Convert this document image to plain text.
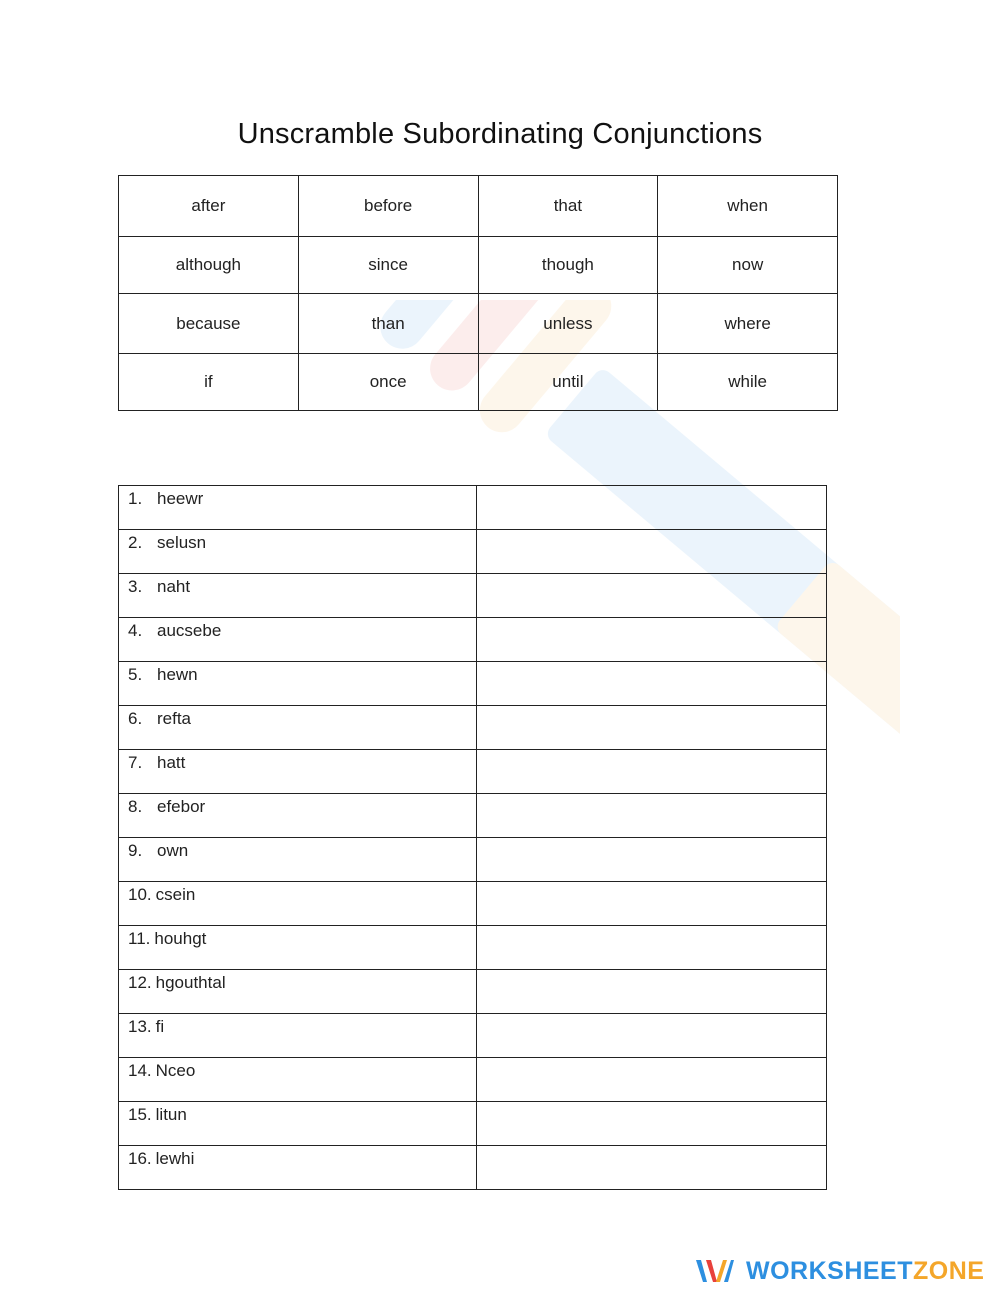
Unscramble Subordinating Conjunctions
after	before	that	when
although	since	though	now
because	than	unless	where
if	once	until	while
1. heewr	

2. selusn	

3. naht	

4. aucsebe	

5. hewn	

6. refta	

7. hatt	

8. efebor	

9. own	

10. csein	

11. houhgt	

12. hgouthtal	

13. fi	

14. Nceo	

15. litun	

16. lewhi	

WORKSHEETZONE
